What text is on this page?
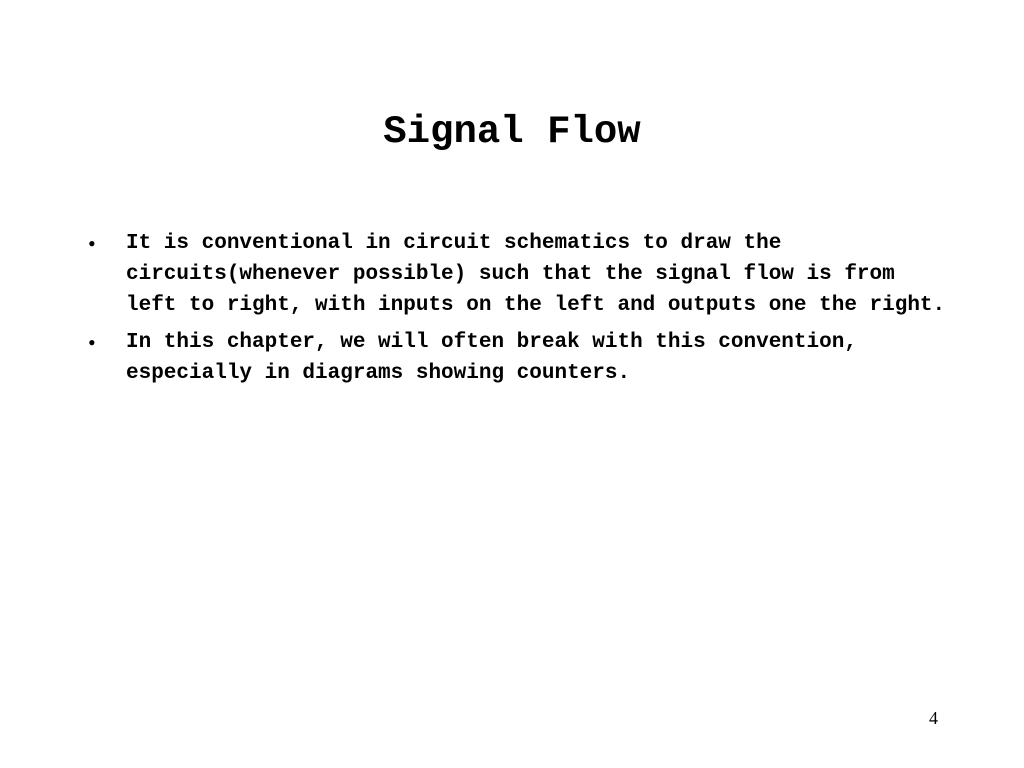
Signal Flow
•	It is conventional in circuit schematics to draw the circuits(whenever possible) such that the signal flow is from left to right, with inputs on the left and outputs one the right.
•	In this chapter, we will often break with this convention, especially in diagrams showing counters.
4
